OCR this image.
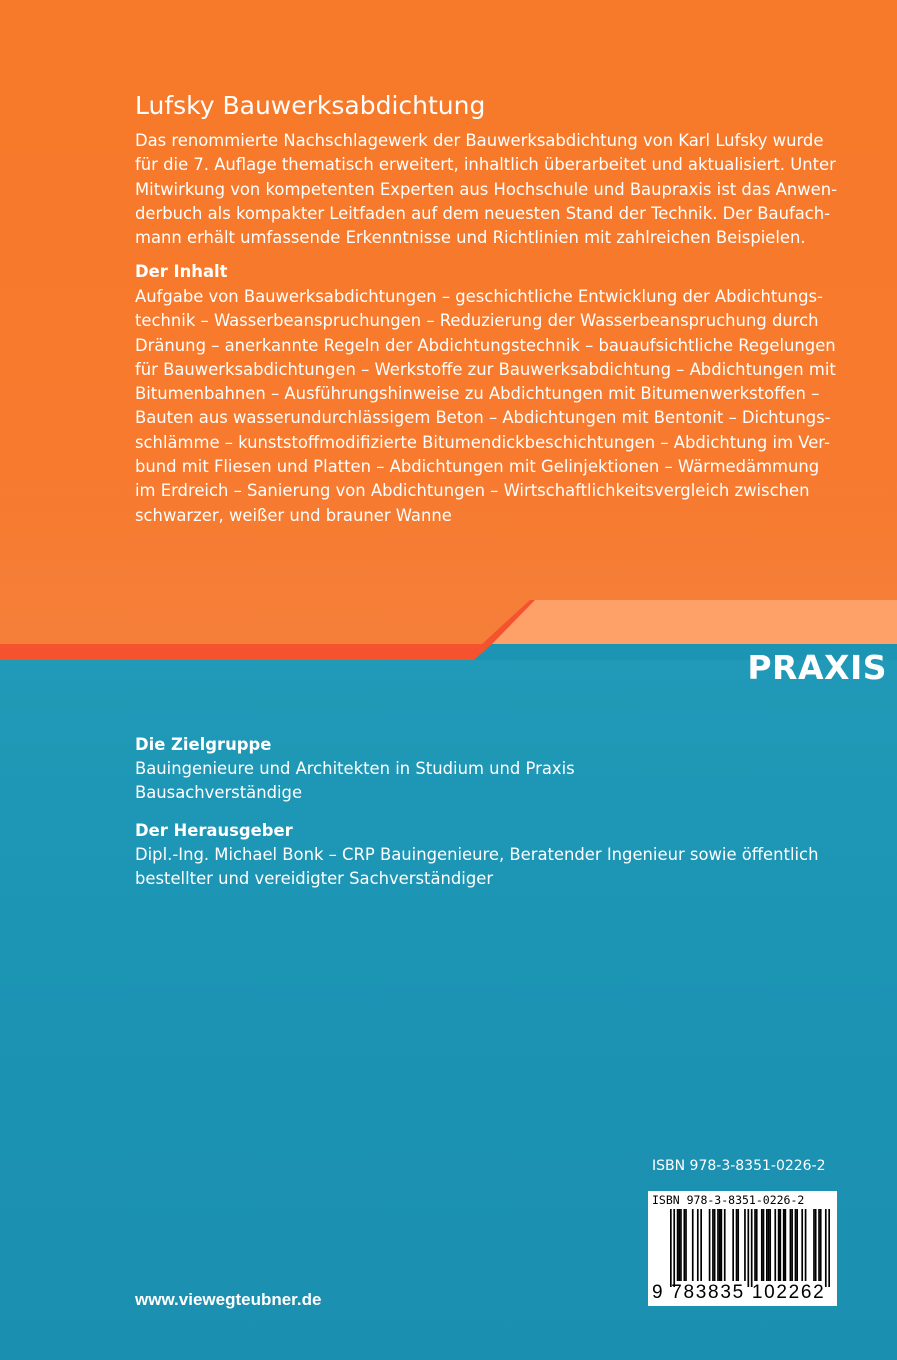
Lufsky Bauwerksabdichtung
Das renommierte Nachschlagewerk der Bauwerksabdichtung von Karl Lufsky wurde
für die 7. Auflage thematisch erweitert, inhaltlich überarbeitet und aktualisiert. Unter
Mitwirkung von kompetenten Experten aus Hochschule und Baupraxis ist das Anwen-
derbuch als kompakter Leitfaden auf dem neuesten Stand der Technik. Der Baufach-
mann erhält umfassende Erkenntnisse und Richtlinien mit zahlreichen Beispielen.
Der Inhalt
Aufgabe von Bauwerksabdichtungen – geschichtliche Entwicklung der Abdichtungs-
technik – Wasserbeanspruchungen – Reduzierung der Wasserbeanspruchung durch
Dränung – anerkannte Regeln der Abdichtungstechnik – bauaufsichtliche Regelungen
für Bauwerksabdichtungen – Werkstoffe zur Bauwerksabdichtung – Abdichtungen mit
Bitumenbahnen – Ausführungshinweise zu Abdichtungen mit Bitumenwerkstoffen –
Bauten aus wasserundurchlässigem Beton – Abdichtungen mit Bentonit – Dichtungs-
schlämme – kunststoffmodifizierte Bitumendickbeschichtungen – Abdichtung im Ver-
bund mit Fliesen und Platten – Abdichtungen mit Gelinjektionen – Wärmedämmung
im Erdreich – Sanierung von Abdichtungen – Wirtschaftlichkeitsvergleich zwischen
schwarzer, weißer und brauner Wanne
PRAXIS
Die Zielgruppe
Bauingenieure und Architekten in Studium und Praxis
Bausachverständige
Der Herausgeber
Dipl.-Ing. Michael Bonk – CRP Bauingenieure, Beratender Ingenieur sowie öffentlich
bestellter und vereidigter Sachverständiger
ISBN 978-3-8351-0226-2
ISBN 978-3-8351-0226-2
9 783835 102262
www.viewegteubner.de
